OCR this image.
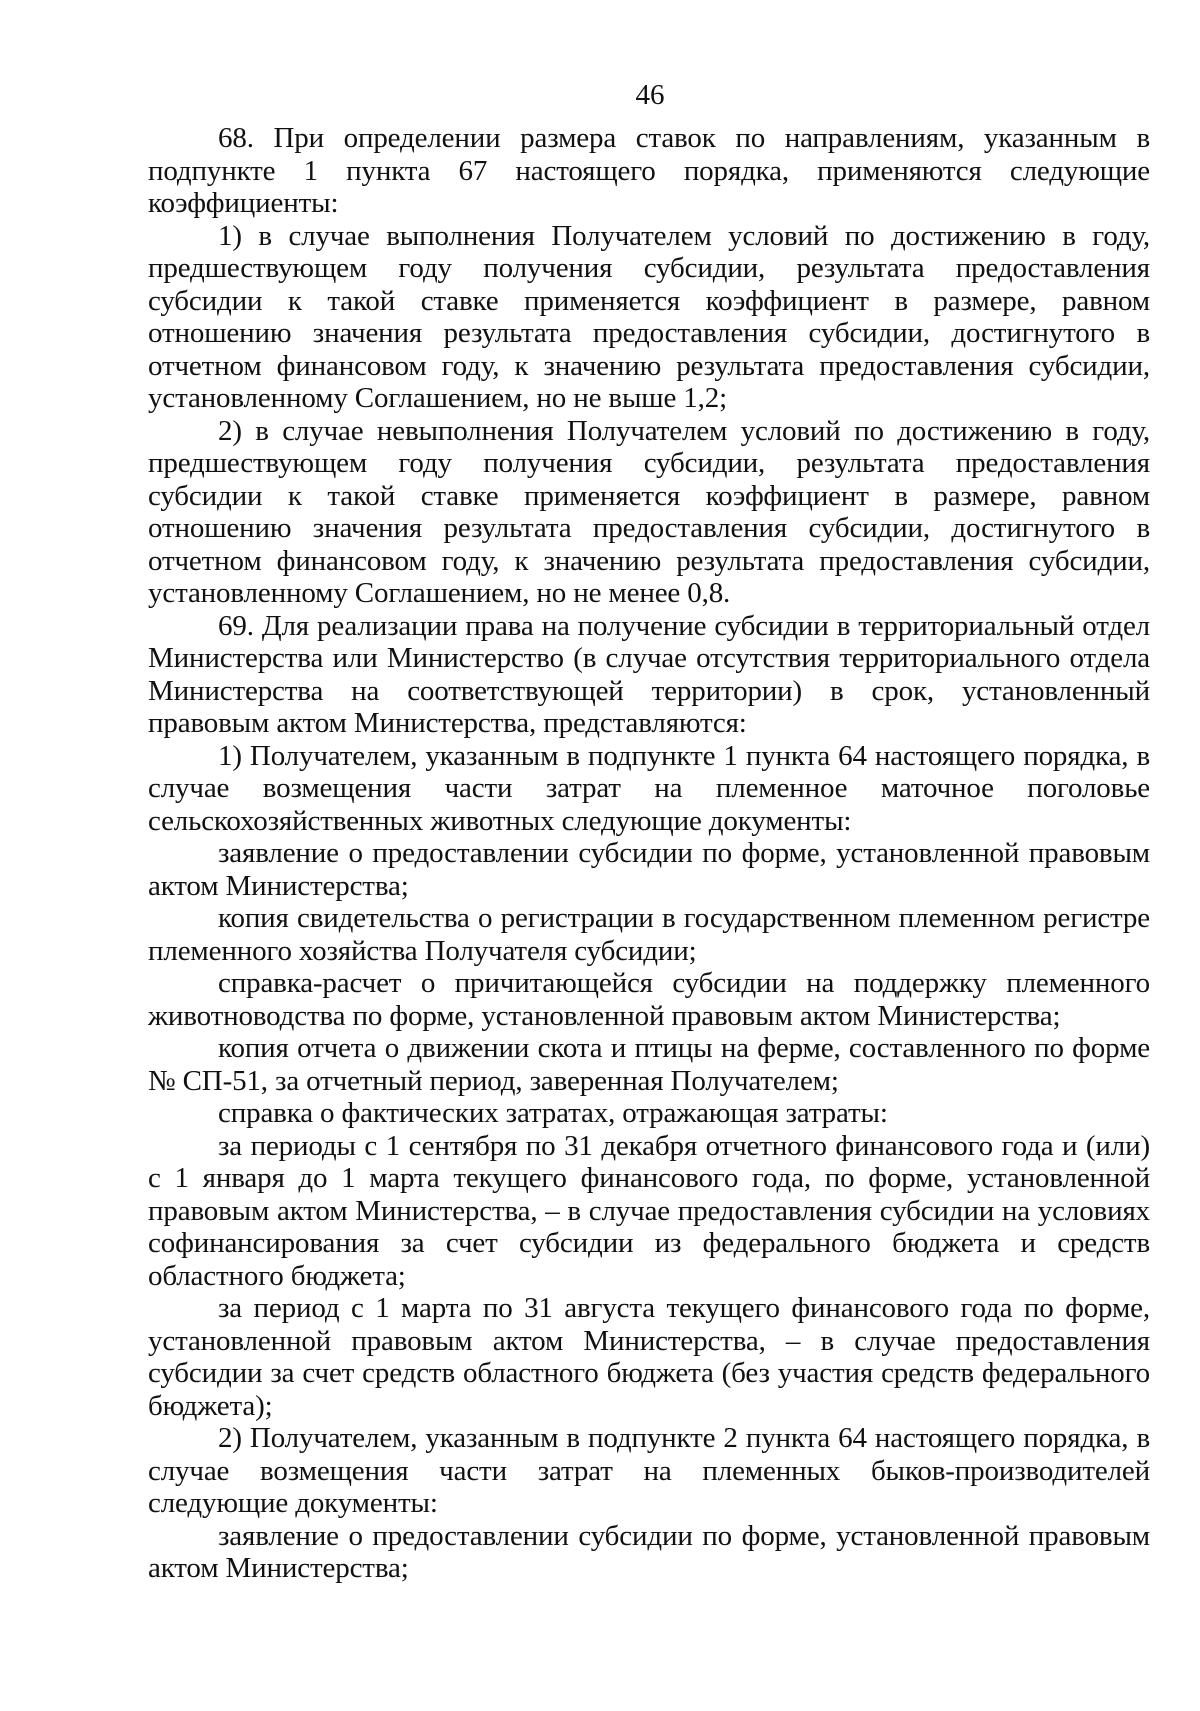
46

68. При определении размера ставок по направлениям, указанным в подпункте 1 пункта 67 настоящего порядка, применяются следующие коэффициенты:

1) в случае выполнения Получателем условий по достижению в году, предшествующем году получения субсидии, результата предоставления субсидии к такой ставке применяется коэффициент в размере, равном отношению значения результата предоставления субсидии, достигнутого в отчетном финансовом году, к значению результата предоставления субсидии, установленному Соглашением, но не выше 1,2;

2) в случае невыполнения Получателем условий по достижению в году, предшествующем году получения субсидии, результата предоставления субсидии к такой ставке применяется коэффициент в размере, равном отношению значения результата предоставления субсидии, достигнутого в отчетном финансовом году, к значению результата предоставления субсидии, установленному Соглашением, но не менее 0,8.

69. Для реализации права на получение субсидии в территориальный отдел Министерства или Министерство (в случае отсутствия территориального отдела Министерства на соответствующей территории) в срок, установленный правовым актом Министерства, представляются:

1) Получателем, указанным в подпункте 1 пункта 64 настоящего порядка, в случае возмещения части затрат на племенное маточное поголовье сельскохозяйственных животных следующие документы:

заявление о предоставлении субсидии по форме, установленной правовым актом Министерства;

копия свидетельства о регистрации в государственном племенном регистре племенного хозяйства Получателя субсидии;

справка-расчет о причитающейся субсидии на поддержку племенного животноводства по форме, установленной правовым актом Министерства;

копия отчета о движении скота и птицы на ферме, составленного по форме № СП-51, за отчетный период, заверенная Получателем;

справка о фактических затратах, отражающая затраты:

за периоды с 1 сентября по 31 декабря отчетного финансового года и (или) с 1 января до 1 марта текущего финансового года, по форме, установленной правовым актом Министерства, – в случае предоставления субсидии на условиях софинансирования за счет субсидии из федерального бюджета и средств областного бюджета;

за период с 1 марта по 31 августа текущего финансового года по форме, установленной правовым актом Министерства, – в случае предоставления субсидии за счет средств областного бюджета (без участия средств федерального бюджета);

2) Получателем, указанным в подпункте 2 пункта 64 настоящего порядка, в случае возмещения части затрат на племенных быков-производителей следующие документы:

заявление о предоставлении субсидии по форме, установленной правовым актом Министерства;
